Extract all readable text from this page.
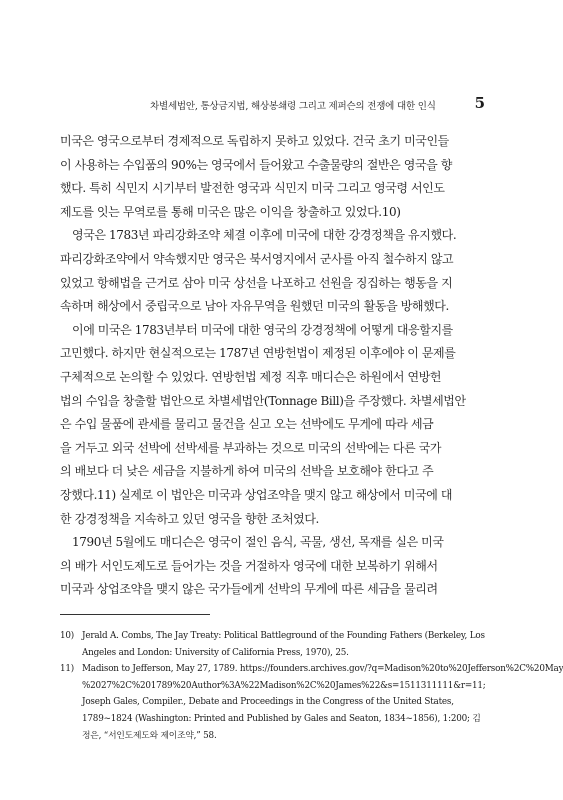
차별세법안, 통상금지법, 해상봉쇄령 그리고 제퍼슨의 전쟁에 대한 인식	5
미국은 영국으로부터 경제적으로 독립하지 못하고 있었다. 건국 초기 미국인들
이 사용하는 수입품의 90%는 영국에서 들어왔고 수출물량의 절반은 영국을 향
했다. 특히 식민지 시기부터 발전한 영국과 식민지 미국 그리고 영국령 서인도
제도를 잇는 무역로를 통해 미국은 많은 이익을 창출하고 있었다.10)
영국은 1783년 파리강화조약 체결 이후에 미국에 대한 강경정책을 유지했다.
파리강화조약에서 약속했지만 영국은 북서영지에서 군사를 아직 철수하지 않고
있었고 항해법을 근거로 삼아 미국 상선을 나포하고 선원을 징집하는 행동을 지
속하며 해상에서 중립국으로 남아 자유무역을 원했던 미국의 활동을 방해했다.
이에 미국은 1783년부터 미국에 대한 영국의 강경정책에 어떻게 대응할지를
고민했다. 하지만 현실적으로는 1787년 연방헌법이 제정된 이후에야 이 문제를
구체적으로 논의할 수 있었다. 연방헌법 제정 직후 매디슨은 하원에서 연방헌
법의 수입을 창출할 법안으로 차별세법안(Tonnage Bill)을 주장했다. 차별세법안
은 수입 물품에 관세를 물리고 물건을 싣고 오는 선박에도 무게에 따라 세금
을 거두고 외국 선박에 선박세를 부과하는 것으로 미국의 선박에는 다른 국가
의 배보다 더 낮은 세금을 지불하게 하여 미국의 선박을 보호해야 한다고 주
장했다.11) 실제로 이 법안은 미국과 상업조약을 맺지 않고 해상에서 미국에 대
한 강경정책을 지속하고 있던 영국을 향한 조처였다.
1790년 5월에도 매디슨은 영국이 절인 음식, 곡물, 생선, 목재를 실은 미국
의 배가 서인도제도로 들어가는 것을 거절하자 영국에 대한 보복하기 위해서
미국과 상업조약을 맺지 않은 국가들에게 선박의 무게에 따른 세금을 물리려
10) Jerald A. Combs, The Jay Treaty: Political Battleground of the Founding Fathers (Berkeley, Los
Angeles and London: University of California Press, 1970), 25.
11) Madison to Jefferson, May 27, 1789. https://founders.archives.gov/?q=Madison%20to%20Jefferson%2C%20May
%2027%2C%201789%20Author%3A%22Madison%2C%20James%22&s=1511311111&r=11;
Joseph Gales, Compiler., Debate and Proceedings in the Congress of the United States,
1789~1824 (Washington: Printed and Published by Gales and Seaton, 1834~1856), 1:200; 김
정은, “서인도제도와 제이조약,” 58.
